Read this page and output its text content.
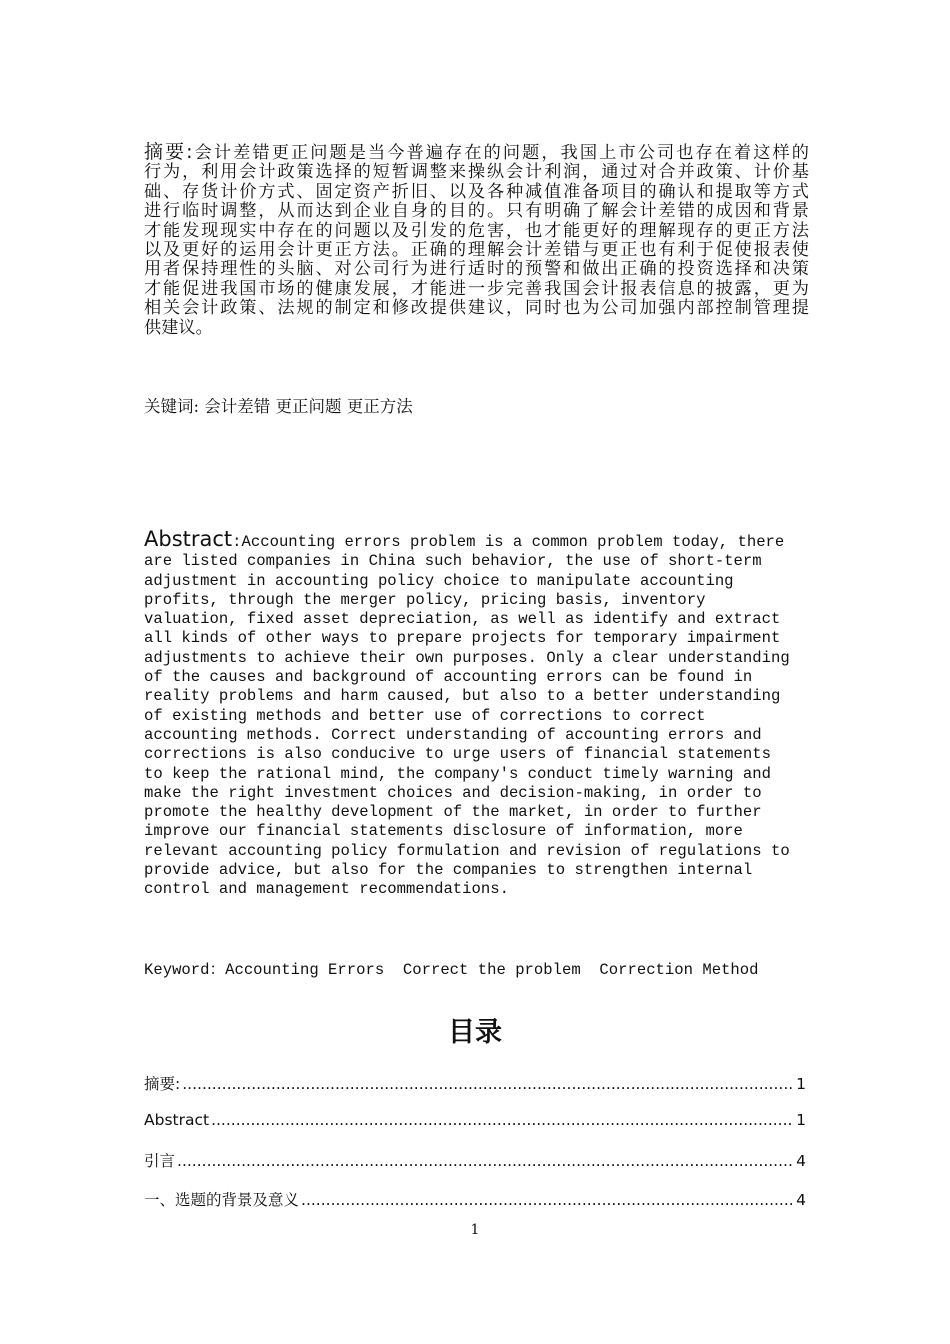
摘要:会计差错更正问题是当今普遍存在的问题，我国上市公司也存在着这样的
行为，利用会计政策选择的短暂调整来操纵会计利润，通过对合并政策、计价基
础、存货计价方式、固定资产折旧、以及各种减值准备项目的确认和提取等方式
进行临时调整，从而达到企业自身的目的。只有明确了解会计差错的成因和背景
才能发现现实中存在的问题以及引发的危害，也才能更好的理解现存的更正方法
以及更好的运用会计更正方法。正确的理解会计差错与更正也有利于促使报表使
用者保持理性的头脑、对公司行为进行适时的预警和做出正确的投资选择和决策
才能促进我国市场的健康发展，才能进一步完善我国会计报表信息的披露，更为
相关会计政策、法规的制定和修改提供建议，同时也为公司加强内部控制管理提
供建议。
关键词: 会计差错 更正问题 更正方法
Abstract:Accounting errors problem is a common problem today, there
are listed companies in China such behavior, the use of short-term
adjustment in accounting policy choice to manipulate accounting
profits, through the merger policy, pricing basis, inventory
valuation, fixed asset depreciation, as well as identify and extract
all kinds of other ways to prepare projects for temporary impairment
adjustments to achieve their own purposes. Only a clear understanding
of the causes and background of accounting errors can be found in
reality problems and harm caused, but also to a better understanding
of existing methods and better use of corrections to correct
accounting methods. Correct understanding of accounting errors and
corrections is also conducive to urge users of financial statements
to keep the rational mind, the company's conduct timely warning and
make the right investment choices and decision-making, in order to
promote the healthy development of the market, in order to further
improve our financial statements disclosure of information, more
relevant accounting policy formulation and revision of regulations to
provide advice, but also for the companies to strengthen internal
control and management recommendations.
Keyword：Accounting Errors  Correct the problem  Correction Method
目录
摘要: .....	1
Abstract .....	1
引言 .....	4
一、选题的背景及意义 .....	4
1
